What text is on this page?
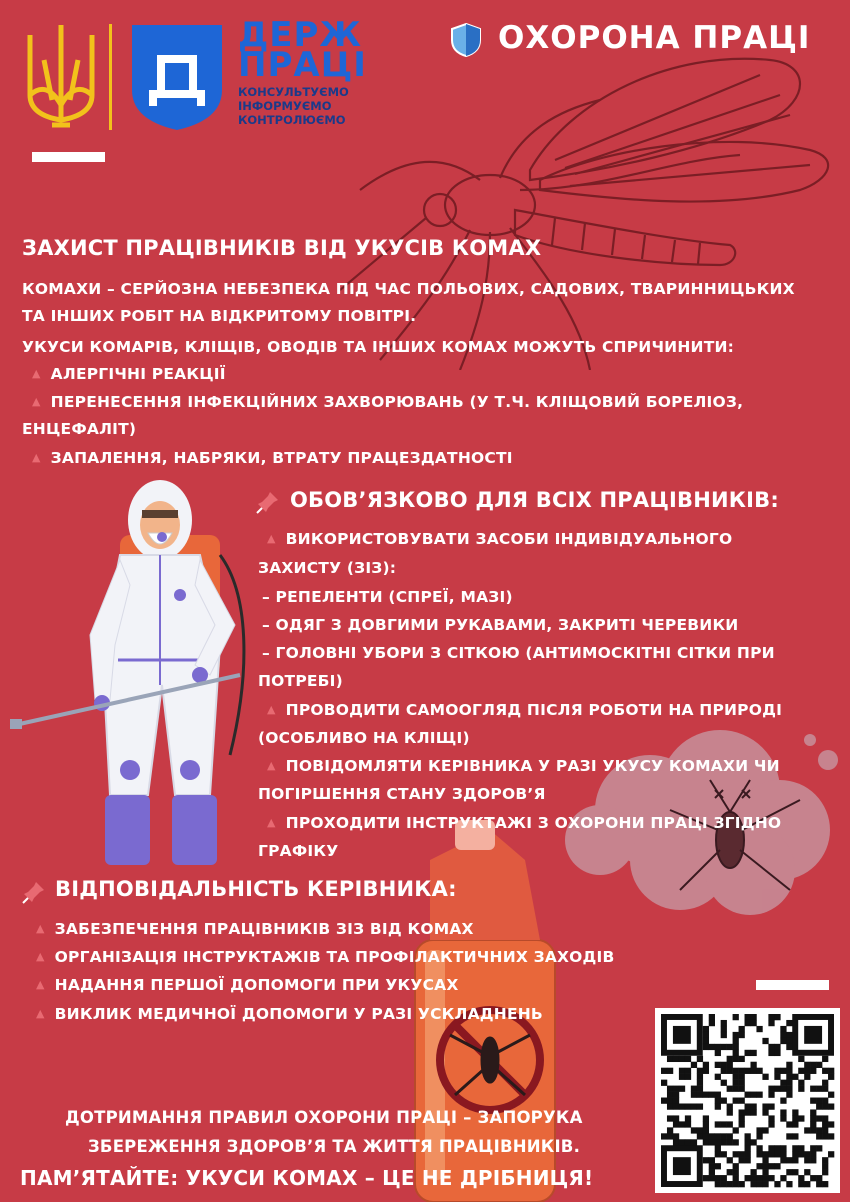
ДЕРЖ
ПРАЦІ
КОНСУЛЬТУЄМО
ІНФОРМУЄМО
КОНТРОЛЮЄМО
ОХОРОНА ПРАЦІ
ЗАХИСТ ПРАЦІВНИКІВ ВІД УКУСІВ КОМАХ
КОМАХИ – СЕРЙОЗНА НЕБЕЗПЕКА ПІД ЧАС ПОЛЬОВИХ, САДОВИХ, ТВАРИННИЦЬКИХ
ТА ІНШИХ РОБІТ НА ВІДКРИТОМУ ПОВІТРІ.
УКУСИ КОМАРІВ, КЛІЩІВ, ОВОДІВ ТА ІНШИХ КОМАХ МОЖУТЬ СПРИЧИНИТИ:
▲ АЛЕРГІЧНІ РЕАКЦІЇ
▲ ПЕРЕНЕСЕННЯ ІНФЕКЦІЙНИХ ЗАХВОРЮВАНЬ (У Т.Ч. КЛІЩОВИЙ БОРЕЛІОЗ,
ЕНЦЕФАЛІТ)
▲ ЗАПАЛЕННЯ, НАБРЯКИ, ВТРАТУ ПРАЦЕЗДАТНОСТІ
ОБОВ’ЯЗКОВО ДЛЯ ВСІХ ПРАЦІВНИКІВ:
▲ ВИКОРИСТОВУВАТИ ЗАСОБИ ІНДИВІДУАЛЬНОГО
ЗАХИСТУ (ЗІЗ):
– РЕПЕЛЕНТИ (СПРЕЇ, МАЗІ)
– ОДЯГ З ДОВГИМИ РУКАВАМИ, ЗАКРИТІ ЧЕРЕВИКИ
– ГОЛОВНІ УБОРИ З СІТКОЮ (АНТИМОСКІТНІ СІТКИ ПРИ
ПОТРЕБІ)
▲ ПРОВОДИТИ САМООГЛЯД ПІСЛЯ РОБОТИ НА ПРИРОДІ
(ОСОБЛИВО НА КЛІЩІ)
▲ ПОВІДОМЛЯТИ КЕРІВНИКА У РАЗІ УКУСУ КОМАХИ ЧИ
ПОГІРШЕННЯ СТАНУ ЗДОРОВ’Я
▲ ПРОХОДИТИ ІНСТРУКТАЖІ З ОХОРОНИ ПРАЦІ ЗГІДНО
ГРАФІКУ
ВІДПОВІДАЛЬНІСТЬ КЕРІВНИКА:
▲ ЗАБЕЗПЕЧЕННЯ ПРАЦІВНИКІВ ЗІЗ ВІД КОМАХ
▲ ОРГАНІЗАЦІЯ ІНСТРУКТАЖІВ ТА ПРОФІЛАКТИЧНИХ ЗАХОДІВ
▲ НАДАННЯ ПЕРШОЇ ДОПОМОГИ ПРИ УКУСАХ
▲ ВИКЛИК МЕДИЧНОЇ ДОПОМОГИ У РАЗІ УСКЛАДНЕНЬ
ДОТРИМАННЯ ПРАВИЛ ОХОРОНИ ПРАЦІ – ЗАПОРУКА
ЗБЕРЕЖЕННЯ ЗДОРОВ’Я ТА ЖИТТЯ ПРАЦІВНИКІВ.
ПАМ’ЯТАЙТЕ: УКУСИ КОМАХ – ЦЕ НЕ ДРІБНИЦЯ!
